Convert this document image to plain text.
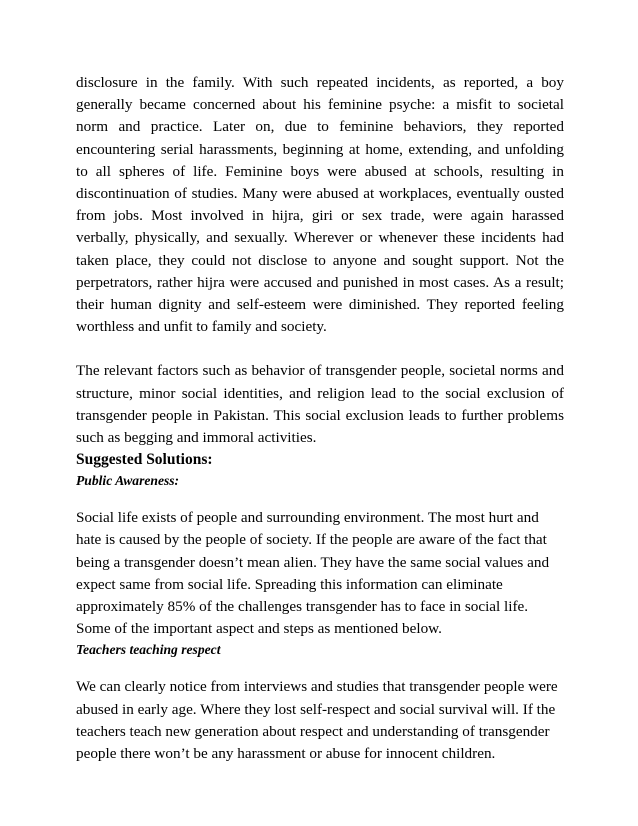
disclosure in the family. With such repeated incidents, as reported, a boy generally became concerned about his feminine psyche: a misfit to societal norm and practice. Later on, due to feminine behaviors, they reported encountering serial harassments, beginning at home, extending, and unfolding to all spheres of life. Feminine boys were abused at schools, resulting in discontinuation of studies. Many were abused at workplaces, eventually ousted from jobs. Most involved in hijra, giri or sex trade, were again harassed verbally, physically, and sexually. Wherever or whenever these incidents had taken place, they could not disclose to anyone and sought support. Not the perpetrators, rather hijra were accused and punished in most cases. As a result; their human dignity and self-esteem were diminished. They reported feeling worthless and unfit to family and society.

The relevant factors such as behavior of transgender people, societal norms and structure, minor social identities, and religion lead to the social exclusion of transgender people in Pakistan. This social exclusion leads to further problems such as begging and immoral activities.

Suggested Solutions:

Public Awareness:

Social life exists of people and surrounding environment. The most hurt and hate is caused by the people of society. If the people are aware of the fact that being a transgender doesn’t mean alien. They have the same social values and expect same from social life. Spreading this information can eliminate approximately 85% of the challenges transgender has to face in social life. Some of the important aspect and steps as mentioned below.

Teachers teaching respect

We can clearly notice from interviews and studies that transgender people were abused in early age. Where they lost self-respect and social survival will. If the teachers teach new generation about respect and understanding of transgender people there won’t be any harassment or abuse for innocent children.
